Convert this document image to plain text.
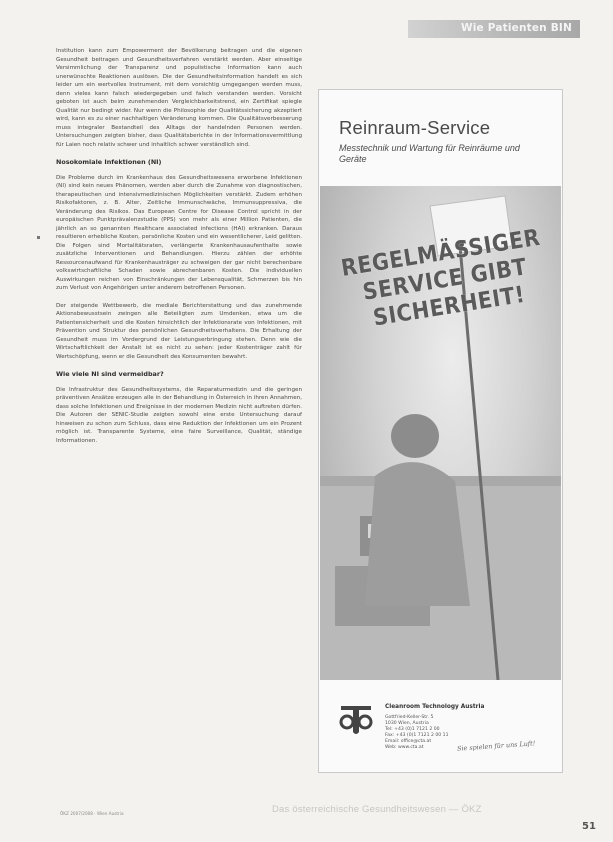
Wie Patienten BIN

Institution kann zum Empowerment der Bevölkerung beitragen und die eigenen Gesundheit beitragen und Gesundheitsverfahren verstärkt werden. Aber einseitige Versimmlichung der Transparenz und populistische Information kann auch unerwünschte Reaktionen auslösen. Die der Gesundheitsinformation handelt es sich leider um ein wertvolles Instrument, mit dem vorsichtig umgegangen werden muss, denn vieles kann falsch wiedergegeben und falsch verstanden werden. Vorsicht geboten ist auch beim zunehmenden Vergleichbarkeitstrend, ein Zertifikat spiegle Qualität nur bedingt wider. Nur wenn die Philosophie der Qualitätssicherung akzeptiert wird, kann es zu einer nachhaltigen Veränderung kommen. Die Qualitätsverbesserung muss integraler Bestandteil des Alltags der handelnden Personen werden. Untersuchungen zeigten bisher, dass Qualitätsberichte in der Informationsvermittlung für Laien noch relativ schwer und inhaltlich schwer verständlich sind.

Nosokomiale Infektionen (NI)

Die Probleme durch im Krankenhaus des Gesundheitswesens erworbene Infektionen (NI) sind kein neues Phänomen, werden aber durch die Zunahme von diagnostischen, therapeutischen und intensivmedizinischen Möglichkeiten verstärkt. Zudem erhöhen Risikofaktoren, z. B. Alter, Zeitliche Immunschwäche, Immunsuppressiva, die Veränderung des Risikos. Das European Centre for Disease Control spricht in der europäischen Punktprävalenzstudie (PPS) von mehr als einer Million Patienten, die jährlich an so genannten Healthcare associated infections (HAI) erkranken. Daraus resultieren erhebliche Kosten, persönliche Kosten und ein wesentlicherer, Leid gelitten. Die Folgen sind Mortalitätsraten, verlängerte Krankenhausaufenthalte sowie zusätzliche Interventionen und Behandlungen. Hierzu zählen der erhöhte Ressourcenaufwand für Krankenhausträger zu schweigen der gar nicht berechenbare volkswirtschaftliche Schaden sowie abrechenbaren Kosten. Die individuellen Auswirkungen reichen von Einschränkungen der Lebensqualität, Schmerzen bis hin zum Verlust von Angehörigen unter anderem betroffenen Personen.

Der steigende Wettbewerb, die mediale Berichterstattung und das zunehmende Aktionsbewusstsein zwingen alle Beteiligten zum Umdenken, etwa um die Patientensicherheit und die Kosten hinsichtlich der Infektionsrate von Infektionen, mit Prävention und Struktur des persönlichen Gesundheitsverhaltens. Die Erhaltung der Gesundheit muss im Vordergrund der Leistungserbringung stehen. Denn wie die Wirtschaftlichkeit der Anstalt ist es nicht zu sehen: jeder Kostenträger zahlt für Wertschöpfung, wenn er die Gesundheit des Konsumenten bewahrt.

Wie viele NI sind vermeidbar?

Die Infrastruktur des Gesundheitssystems, die Reparaturmedizin und die geringen präventiven Ansätze erzeugen alle in der Behandlung in Österreich in ihren Annahmen, dass solche Infektionen und Ereignisse in der modernen Medizin nicht auftreten dürfen. Die Autoren der SENIC-Studie zeigten sowohl eine erste Untersuchung darauf hinweisen zu schon zum Schluss, dass eine Reduktion der Infektionen um ein Prozent möglich ist. Transparente Systeme, eine faire Surveillance, Qualität, ständige Informationen.

Reinraum-Service
Messtechnik und Wartung für Reinräume und Geräte
REGELMÄSSIGER SERVICE GIBT SICHERHEIT!
Cleanroom Technology Austria
Gottfried-Keller-Str. 5
1030 Wien, Austria
Tel: +43 (0)1 7121 2 00
Fax: +43 (0)1 7121 2 00 11
Email: office@cta.at
Web: www.cta.at	Sie spielen für uns Luft!
ÖKZ 2007/2008 · Wien Austria	Das österreichische Gesundheitswesen — ÖKZ
51
